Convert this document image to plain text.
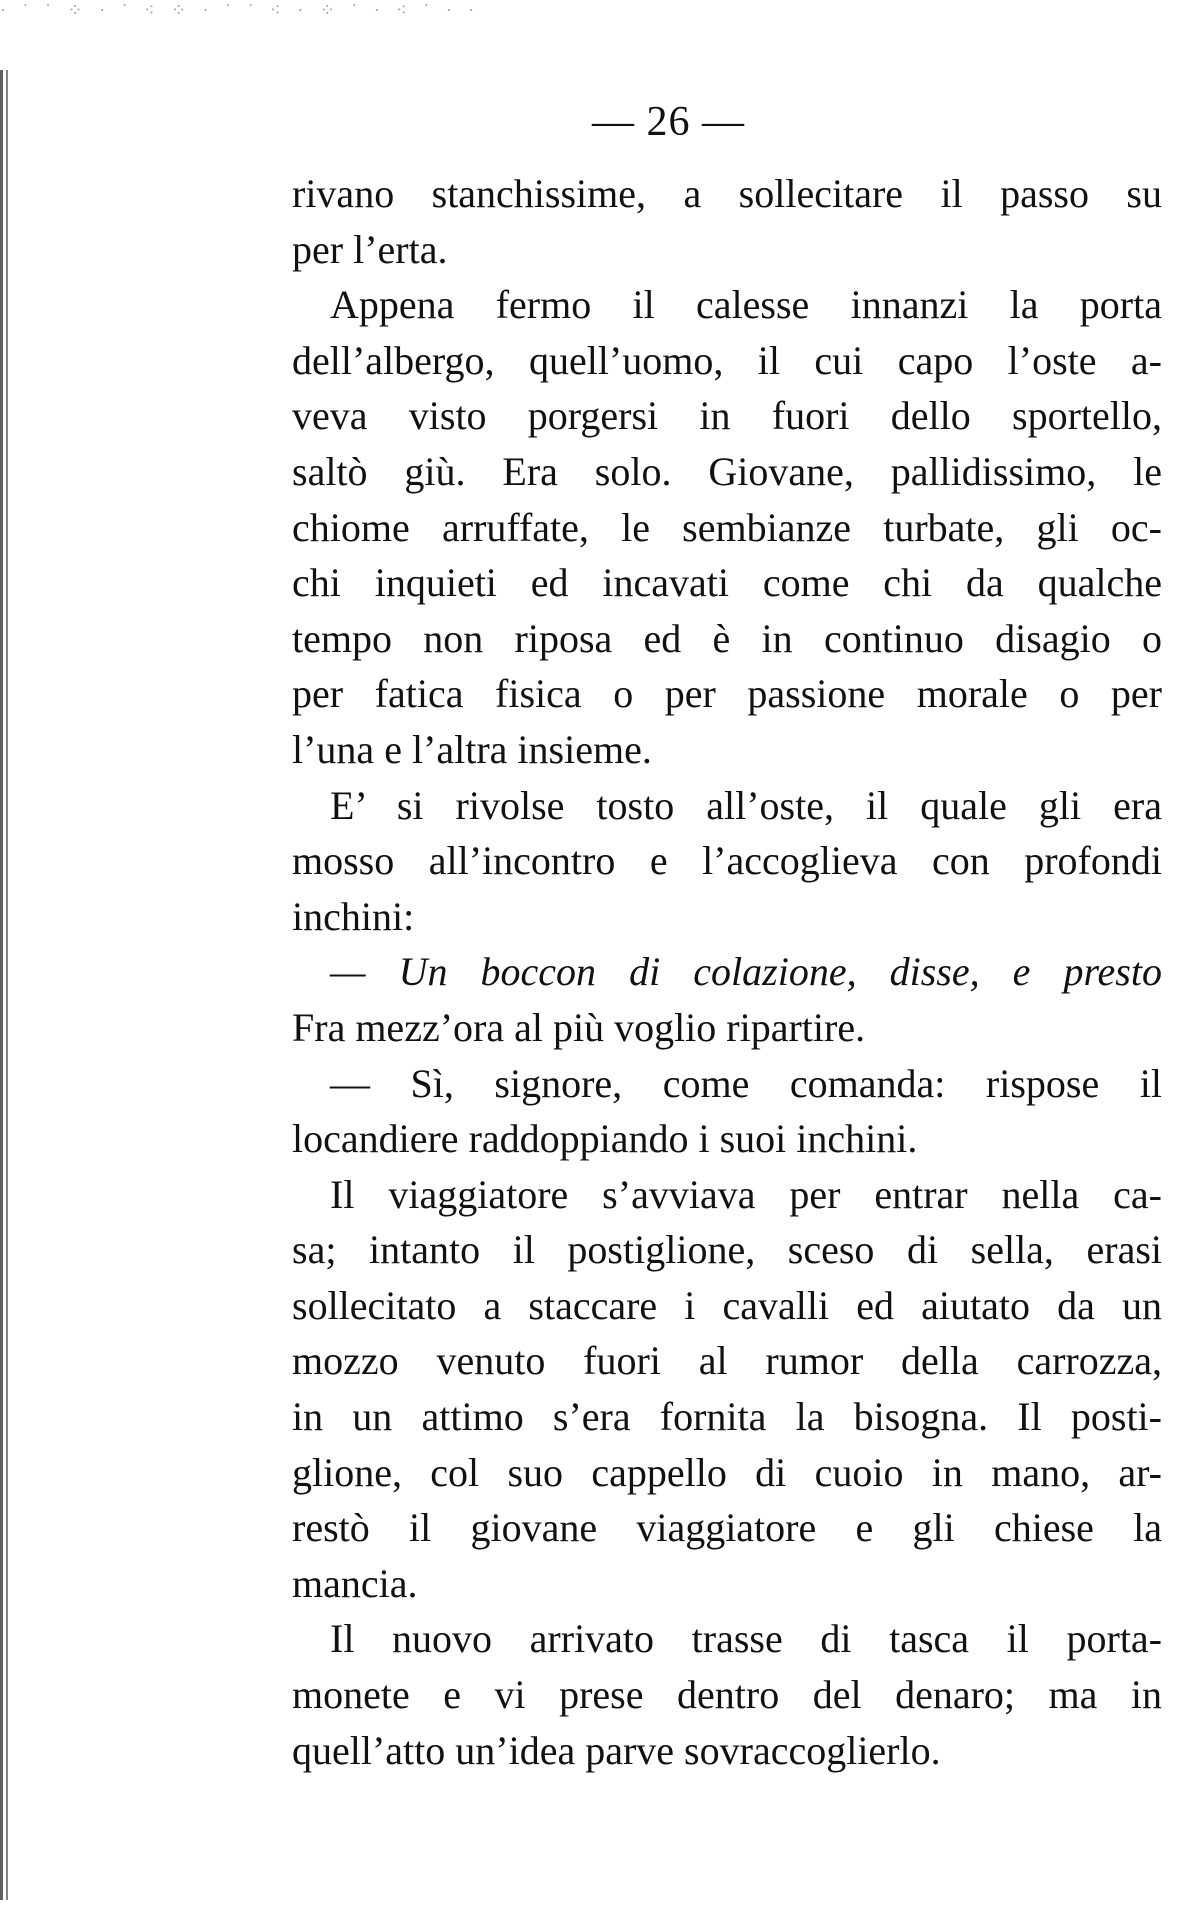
· ˙ ˙ ⁘ · ˙ ⁖ ⁘ · ˙ ˙ ⁖ · ⁘ ˙ · ⁖ ˙ · ·
— 26 —
rivano stanchissime, a sollecitare il passo su
per l’erta.
Appena fermo il calesse innanzi la porta
dell’albergo, quell’uomo, il cui capo l’oste a-
veva visto porgersi in fuori dello sportello,
saltò giù. Era solo. Giovane, pallidissimo, le
chiome arruffate, le sembianze turbate, gli oc-
chi inquieti ed incavati come chi da qualche
tempo non riposa ed è in continuo disagio o
per fatica fisica o per passione morale o per
l’una e l’altra insieme.
E’ si rivolse tosto all’oste, il quale gli era
mosso all’incontro e l’accoglieva con profondi
inchini:
— Un boccon di colazione, disse, e presto
Fra mezz’ora al più voglio ripartire.
— Sì, signore, come comanda: rispose il
locandiere raddoppiando i suoi inchini.
Il viaggiatore s’avviava per entrar nella ca-
sa; intanto il postiglione, sceso di sella, erasi
sollecitato a staccare i cavalli ed aiutato da un
mozzo venuto fuori al rumor della carrozza,
in un attimo s’era fornita la bisogna. Il posti-
glione, col suo cappello di cuoio in mano, ar-
restò il giovane viaggiatore e gli chiese la
mancia.
Il nuovo arrivato trasse di tasca il porta-
monete e vi prese dentro del denaro; ma in
quell’atto un’idea parve sovraccoglierlo.
